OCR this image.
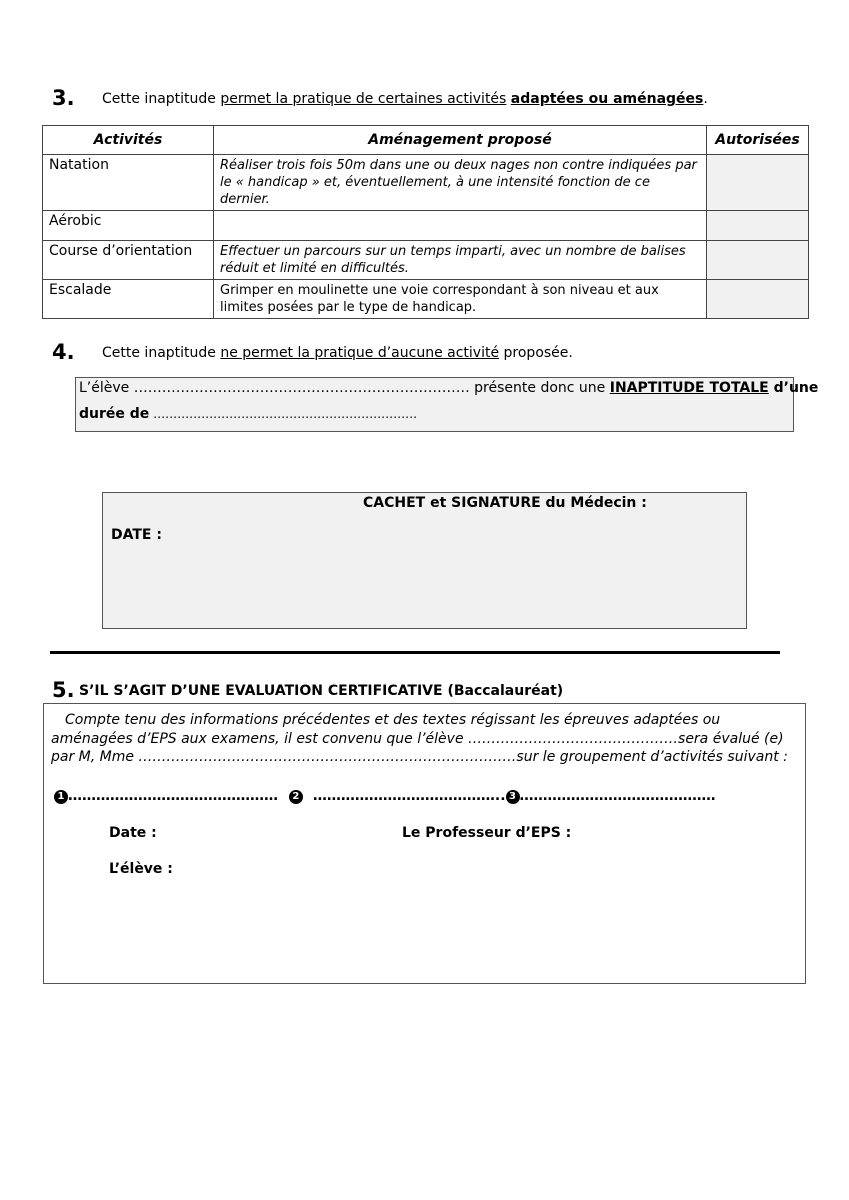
3. Cette inaptitude permet la pratique de certaines activités adaptées ou aménagées.
Activités	Aménagement proposé	Autorisées
Natation	Réaliser trois fois 50m dans une ou deux nages non contre indiquées par le « handicap » et, éventuellement, à une intensité fonction de ce dernier.	
Aérobic		
Course d’orientation	Effectuer un parcours sur un temps imparti, avec un nombre de balises réduit et limité en difficultés.	
Escalade	Grimper en moulinette une voie correspondant à son niveau et aux limites posées par le type de handicap.	
4. Cette inaptitude ne permet la pratique d’aucune activité proposée.
L’élève ……………………………………………………………… présente donc une INAPTITUDE TOTALE d’une
durée de …………………………………………………………
CACHET et SIGNATURE du Médecin :
DATE :
5. S’IL S’AGIT D’UNE EVALUATION CERTIFICATIVE (Baccalauréat)
Compte tenu des informations précédentes et des textes régissant les épreuves adaptées ou
aménagées d’EPS aux examens, il est convenu que l’élève ………………………………………sera évalué (e)
par M, Mme ………………………………………………………………………sur le groupement d’activités suivant :
1 ……………………………………… 2 ………………………………….. 3 ……………………………………
Date :	Le Professeur d’EPS :
L’élève :
